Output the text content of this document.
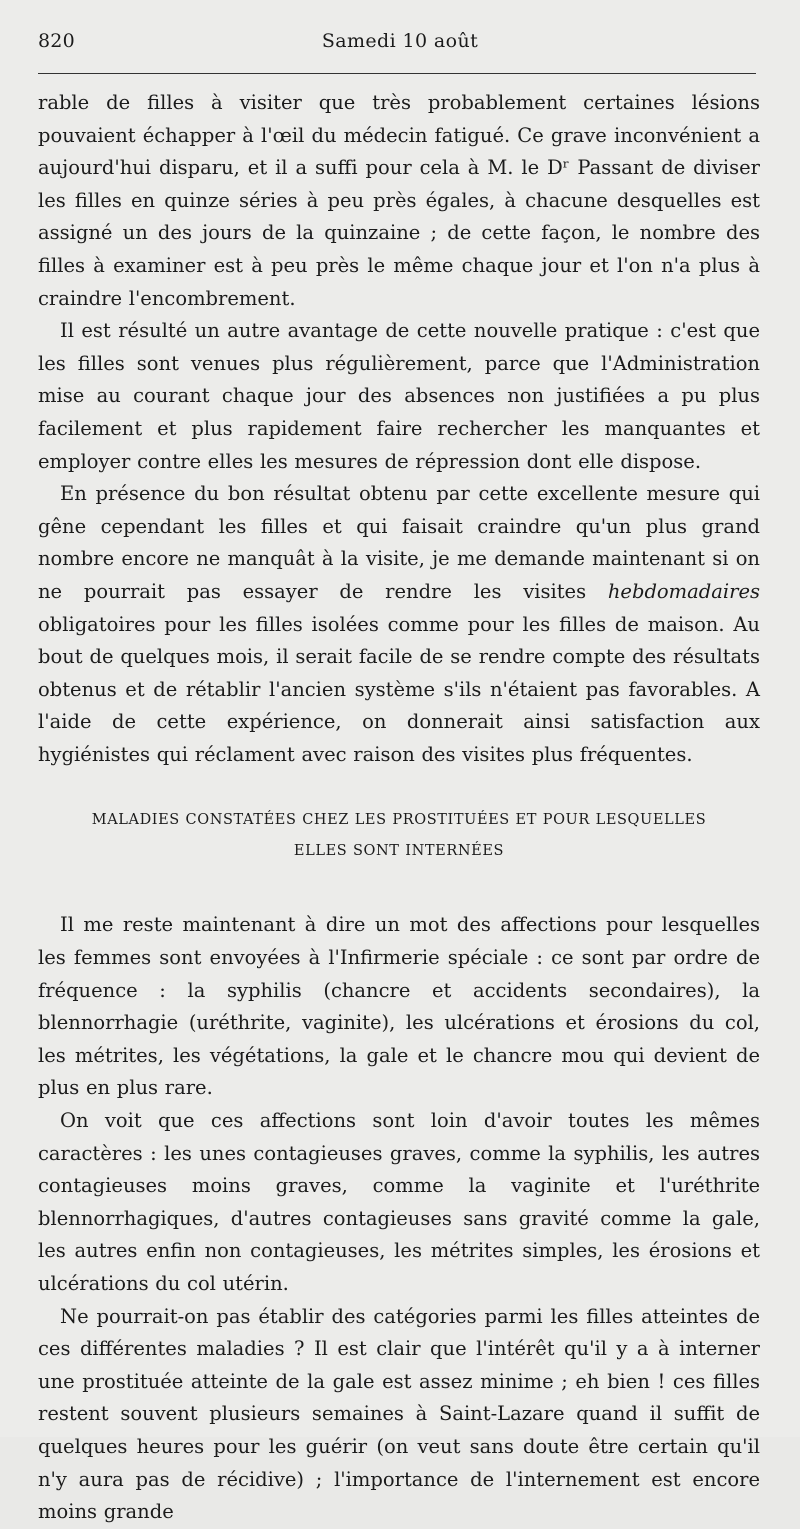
820	Samedi 10 août

rable de filles à visiter que très probablement certaines lésions pouvaient échapper à l'œil du médecin fatigué. Ce grave inconvénient a aujourd'hui disparu, et il a suffi pour cela à M. le Dʳ Passant de diviser les filles en quinze séries à peu près égales, à chacune desquelles est assigné un des jours de la quinzaine ; de cette façon, le nombre des filles à examiner est à peu près le même chaque jour et l'on n'a plus à craindre l'encombrement.

Il est résulté un autre avantage de cette nouvelle pratique : c'est que les filles sont venues plus régulièrement, parce que l'Administration mise au courant chaque jour des absences non justifiées a pu plus facilement et plus rapidement faire rechercher les manquantes et employer contre elles les mesures de répression dont elle dispose.

En présence du bon résultat obtenu par cette excellente mesure qui gêne cependant les filles et qui faisait craindre qu'un plus grand nombre encore ne manquât à la visite, je me demande maintenant si on ne pourrait pas essayer de rendre les visites hebdomadaires obligatoires pour les filles isolées comme pour les filles de maison. Au bout de quelques mois, il serait facile de se rendre compte des résultats obtenus et de rétablir l'ancien système s'ils n'étaient pas favorables. A l'aide de cette expérience, on donnerait ainsi satisfaction aux hygiénistes qui réclament avec raison des visites plus fréquentes.

MALADIES CONSTATÉES CHEZ LES PROSTITUÉES ET POUR LESQUELLES
ELLES SONT INTERNÉES

Il me reste maintenant à dire un mot des affections pour lesquelles les femmes sont envoyées à l'Infirmerie spéciale : ce sont par ordre de fréquence : la syphilis (chancre et accidents secondaires), la blennorrhagie (uréthrite, vaginite), les ulcérations et érosions du col, les métrites, les végétations, la gale et le chancre mou qui devient de plus en plus rare.

On voit que ces affections sont loin d'avoir toutes les mêmes caractères : les unes contagieuses graves, comme la syphilis, les autres contagieuses moins graves, comme la vaginite et l'uréthrite blennorrhagiques, d'autres contagieuses sans gravité comme la gale, les autres enfin non contagieuses, les métrites simples, les érosions et ulcérations du col utérin.

Ne pourrait-on pas établir des catégories parmi les filles atteintes de ces différentes maladies ? Il est clair que l'intérêt qu'il y a à interner une prostituée atteinte de la gale est assez minime ; eh bien ! ces filles restent souvent plusieurs semaines à Saint-Lazare quand il suffit de quelques heures pour les guérir (on veut sans doute être certain qu'il n'y aura pas de récidive) ; l'importance de l'internement est encore moins grande
